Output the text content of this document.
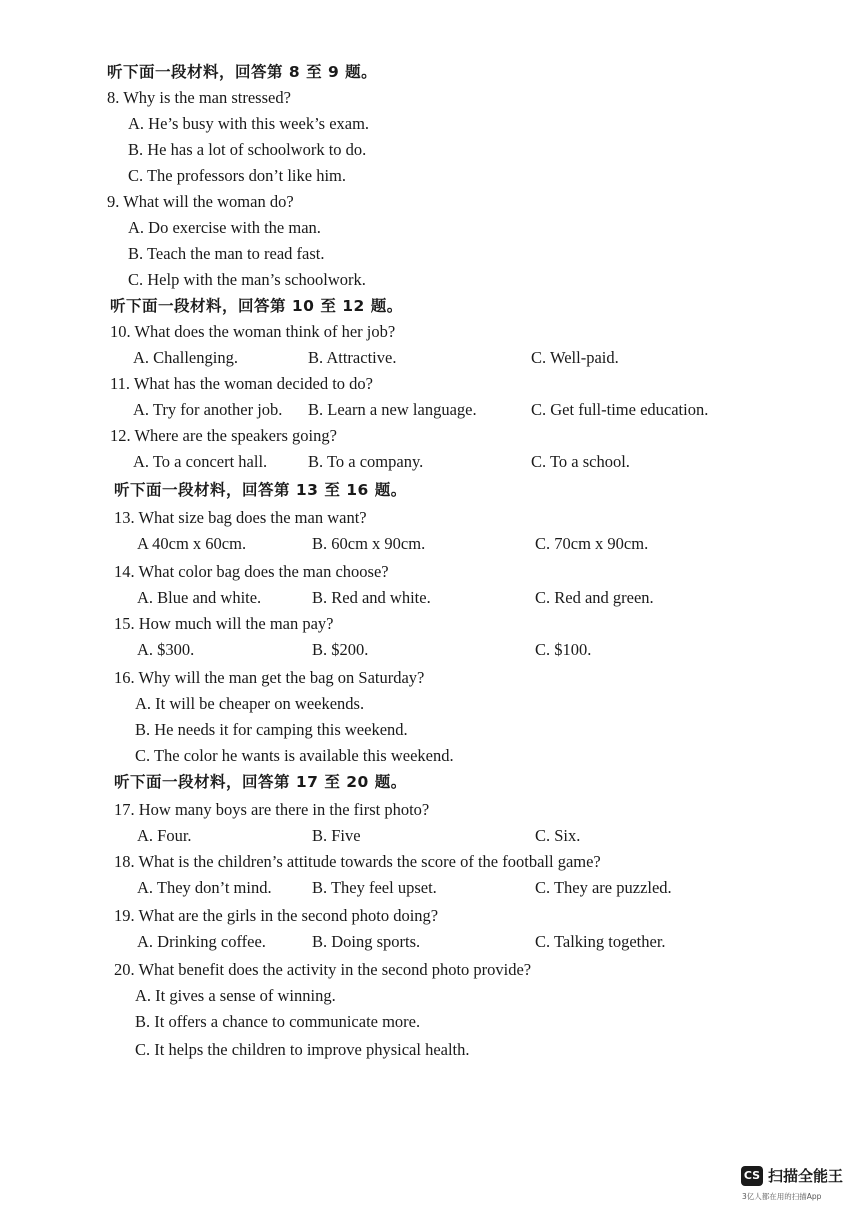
听下面一段材料，回答第 8 至 9 题。
8. Why is the man stressed?
A. He’s busy with this week’s exam.
B. He has a lot of schoolwork to do.
C. The professors don’t like him.
9. What will the woman do?
A. Do exercise with the man.
B. Teach the man to read fast.
C. Help with the man’s schoolwork.
听下面一段材料，回答第 10 至 12 题。
10. What does the woman think of her job?
A. Challenging.	B. Attractive.	C. Well-paid.
11. What has the woman decided to do?
A. Try for another job. B. Learn a new language.	C. Get full-time education.
12. Where are the speakers going?
A. To a concert hall. B. To a company.	C. To a school.
听下面一段材料，回答第 13 至 16 题。
13. What size bag does the man want?
A 40cm x 60cm.	B. 60cm x 90cm.	C. 70cm x 90cm.
14. What color bag does the man choose?
A. Blue and white.	B. Red and white.	C. Red and green.
15. How much will the man pay?
A. $300.	B. $200.	C. $100.
16. Why will the man get the bag on Saturday?
A. It will be cheaper on weekends.
B. He needs it for camping this weekend.
C. The color he wants is available this weekend.
听下面一段材料，回答第 17 至 20 题。
17. How many boys are there in the first photo?
A. Four.	B. Five	C. Six.
18. What is the children’s attitude towards the score of the football game?
A. They don’t mind. B. They feel upset.	C. They are puzzled.
19. What are the girls in the second photo doing?
A. Drinking coffee.	B. Doing sports.	C. Talking together.
20. What benefit does the activity in the second photo provide?
A. It gives a sense of winning.
B. It offers a chance to communicate more.
C. It helps the children to improve physical health.
CS 扫描全能王
3亿人都在用的扫描App
